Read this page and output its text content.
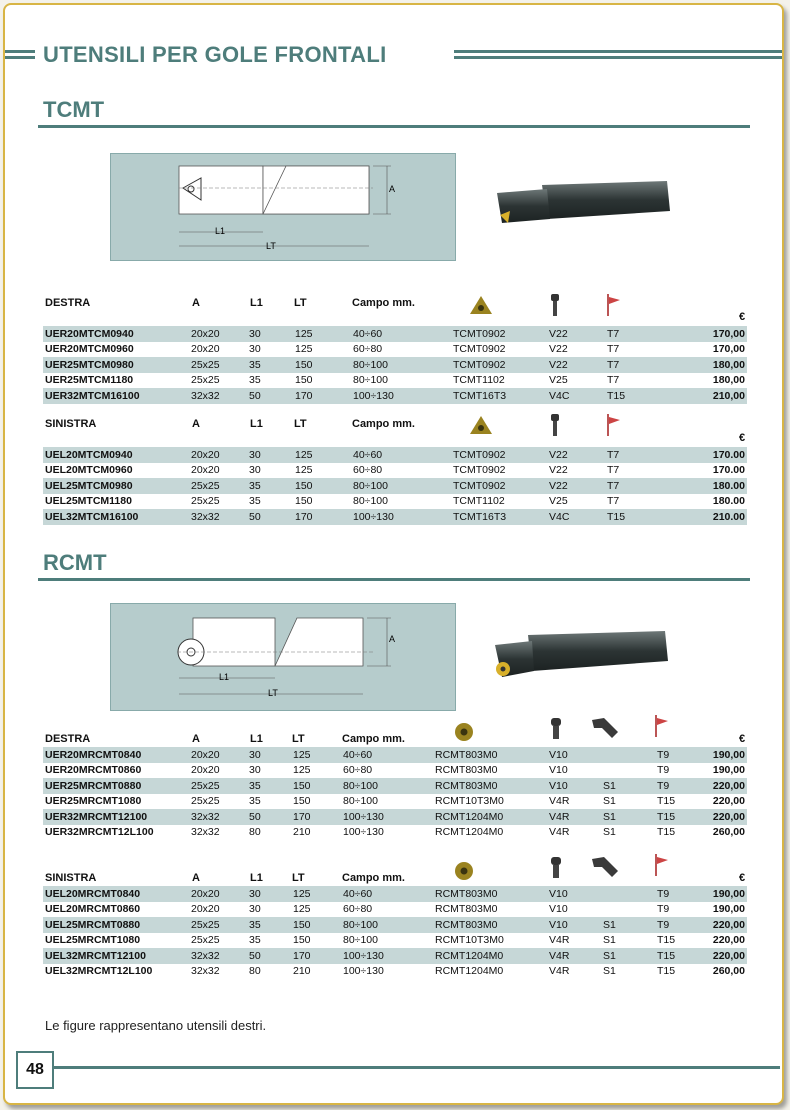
UTENSILI PER GOLE FRONTALI
TCMT
A
L1
LT
DESTRA	A	L1	LT	Campo mm.
€
UER20MTCM0940	20x20	30	125	40÷60	TCMT0902	V22	T7	170,00
UER20MTCM0960	20x20	30	125	60÷80	TCMT0902	V22	T7	170,00
UER25MTCM0980	25x25	35	150	80÷100	TCMT0902	V22	T7	180,00
UER25MTCM1180	25x25	35	150	80÷100	TCMT1102	V25	T7	180,00
UER32MTCM16100	32x32	50	170	100÷130	TCMT16T3	V4C	T15	210,00
SINISTRA	A	L1	LT	Campo mm.
€
UEL20MTCM0940	20x20	30	125	40÷60	TCMT0902	V22	T7	170.00
UEL20MTCM0960	20x20	30	125	60÷80	TCMT0902	V22	T7	170.00
UEL25MTCM0980	25x25	35	150	80÷100	TCMT0902	V22	T7	180.00
UEL25MTCM1180	25x25	35	150	80÷100	TCMT1102	V25	T7	180.00
UEL32MTCM16100	32x32	50	170	100÷130	TCMT16T3	V4C	T15	210.00
RCMT
A
L1
LT
DESTRA	A	L1	LT	Campo mm.	€
UER20MRCMT0840	20x20	30	125	40÷60	RCMT803M0	V10		T9	190,00
UER20MRCMT0860	20x20	30	125	60÷80	RCMT803M0	V10		T9	190,00
UER25MRCMT0880	25x25	35	150	80÷100	RCMT803M0	V10	S1	T9	220,00
UER25MRCMT1080	25x25	35	150	80÷100	RCMT10T3M0	V4R	S1	T15	220,00
UER32MRCMT12100	32x32	50	170	100÷130	RCMT1204M0	V4R	S1	T15	220,00
UER32MRCMT12L100	32x32	80	210	100÷130	RCMT1204M0	V4R	S1	T15	260,00
SINISTRA	A	L1	LT	Campo mm.	€
UEL20MRCMT0840	20x20	30	125	40÷60	RCMT803M0	V10		T9	190,00
UEL20MRCMT0860	20x20	30	125	60÷80	RCMT803M0	V10		T9	190,00
UEL25MRCMT0880	25x25	35	150	80÷100	RCMT803M0	V10	S1	T9	220,00
UEL25MRCMT1080	25x25	35	150	80÷100	RCMT10T3M0	V4R	S1	T15	220,00
UEL32MRCMT12100	32x32	50	170	100÷130	RCMT1204M0	V4R	S1	T15	220,00
UEL32MRCMT12L100	32x32	80	210	100÷130	RCMT1204M0	V4R	S1	T15	260,00
Le figure rappresentano utensili destri.
48
